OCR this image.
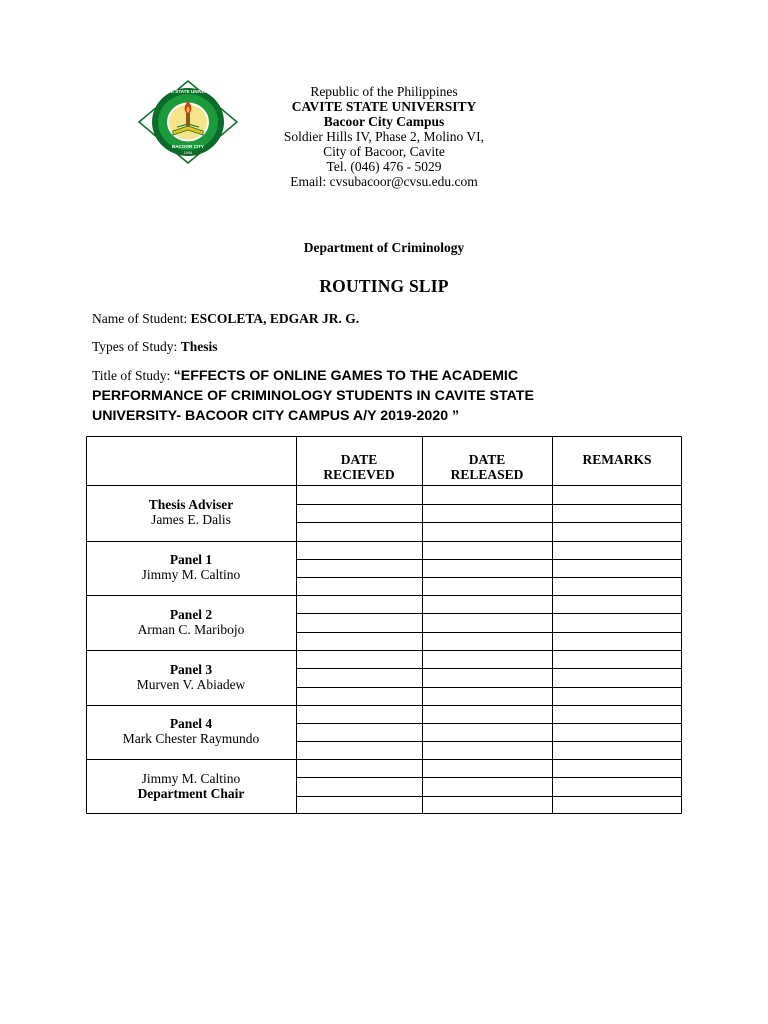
CAVITE STATE UNIVERSITY
BACOOR CITY
1906
Republic of the Philippines
CAVITE STATE UNIVERSITY
Bacoor City Campus
Soldier Hills IV, Phase 2, Molino VI,
City of Bacoor, Cavite
Tel. (046) 476 - 5029
Email: cvsubacoor@cvsu.edu.com
Department of Criminology
ROUTING SLIP
Name of Student: ESCOLETA, EDGAR JR. G.
Types of Study: Thesis
Title of Study: “EFFECTS OF ONLINE GAMES TO THE ACADEMIC PERFORMANCE OF CRIMINOLOGY STUDENTS IN CAVITE STATE UNIVERSITY- BACOOR CITY CAMPUS A/Y 2019-2020 ”
DATE
RECIEVED
DATE
RELEASED
REMARKS
Thesis Adviser
James E. Dalis
Panel 1
Jimmy M. Caltino
Panel 2
Arman C. Maribojo
Panel 3
Murven V. Abiadew
Panel 4
Mark Chester Raymundo
Jimmy M. Caltino
Department Chair
